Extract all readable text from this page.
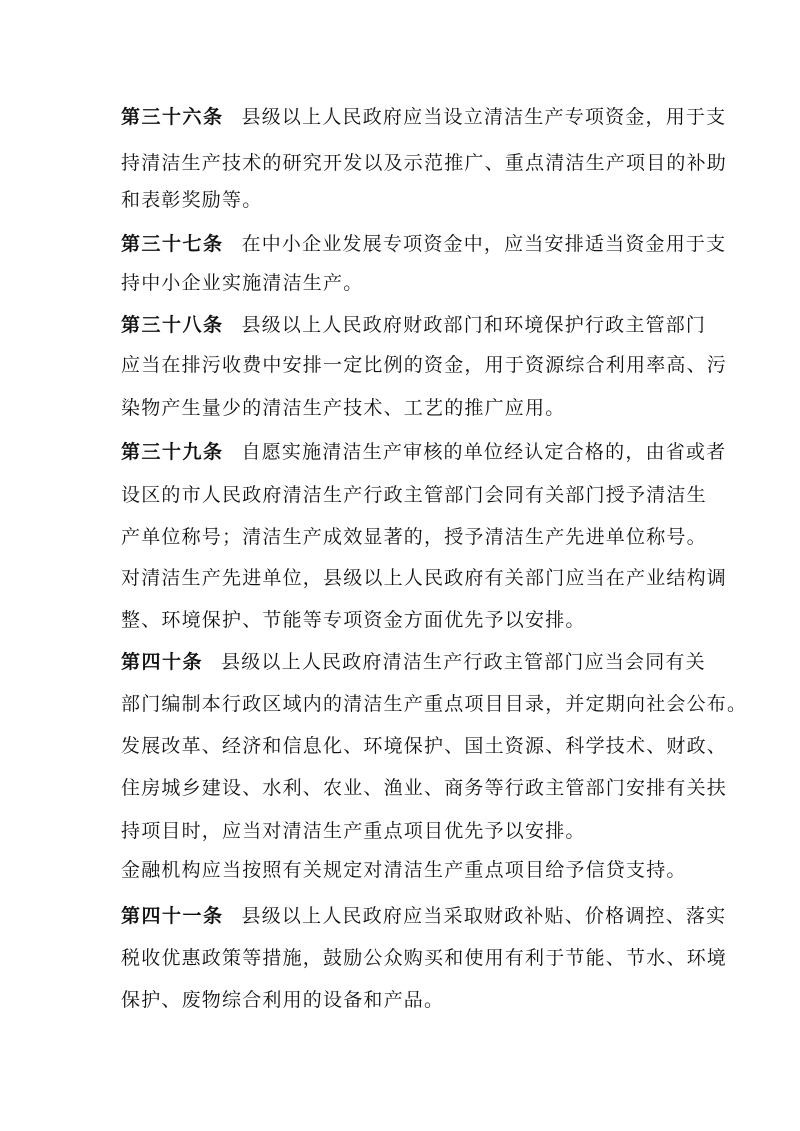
第三十六条 县级以上人民政府应当设立清洁生产专项资金，用于支
持清洁生产技术的研究开发以及示范推广、重点清洁生产项目的补助
和表彰奖励等。
第三十七条 在中小企业发展专项资金中，应当安排适当资金用于支
持中小企业实施清洁生产。
第三十八条 县级以上人民政府财政部门和环境保护行政主管部门
应当在排污收费中安排一定比例的资金，用于资源综合利用率高、污
染物产生量少的清洁生产技术、工艺的推广应用。
第三十九条 自愿实施清洁生产审核的单位经认定合格的，由省或者
设区的市人民政府清洁生产行政主管部门会同有关部门授予清洁生
产单位称号；清洁生产成效显著的，授予清洁生产先进单位称号。
对清洁生产先进单位，县级以上人民政府有关部门应当在产业结构调
整、环境保护、节能等专项资金方面优先予以安排。
第四十条 县级以上人民政府清洁生产行政主管部门应当会同有关
部门编制本行政区域内的清洁生产重点项目目录，并定期向社会公布。
发展改革、经济和信息化、环境保护、国土资源、科学技术、财政、
住房城乡建设、水利、农业、渔业、商务等行政主管部门安排有关扶
持项目时，应当对清洁生产重点项目优先予以安排。
金融机构应当按照有关规定对清洁生产重点项目给予信贷支持。
第四十一条 县级以上人民政府应当采取财政补贴、价格调控、落实
税收优惠政策等措施，鼓励公众购买和使用有利于节能、节水、环境
保护、废物综合利用的设备和产品。
